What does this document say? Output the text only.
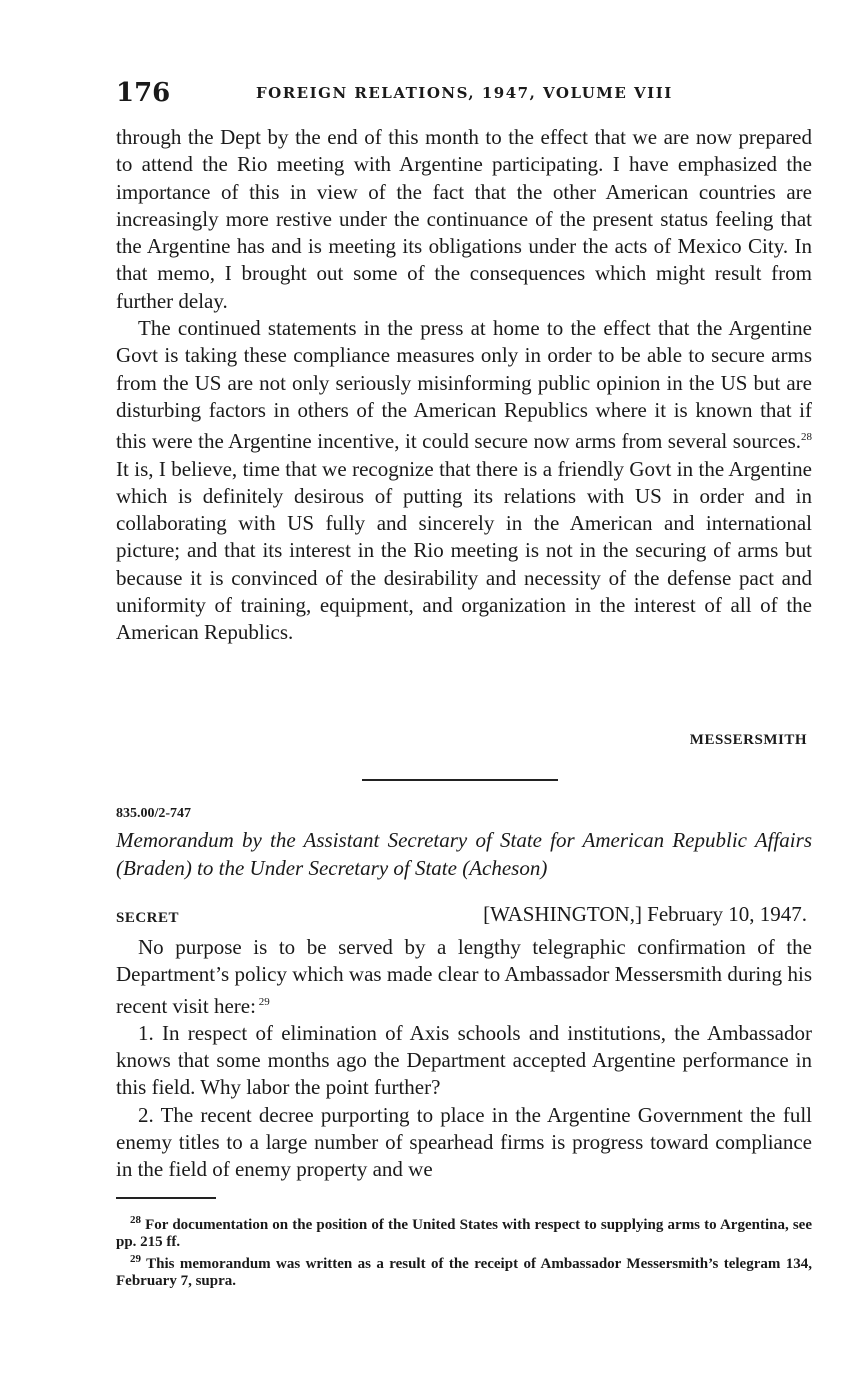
176	FOREIGN RELATIONS, 1947, VOLUME VIII

through the Dept by the end of this month to the effect that we are now prepared to attend the Rio meeting with Argentine participating. I have emphasized the importance of this in view of the fact that the other American countries are increasingly more restive under the continuance of the present status feeling that the Argentine has and is meeting its obligations under the acts of Mexico City. In that memo, I brought out some of the consequences which might result from further delay.

The continued statements in the press at home to the effect that the Argentine Govt is taking these compliance measures only in order to be able to secure arms from the US are not only seriously misinforming public opinion in the US but are disturbing factors in others of the American Republics where it is known that if this were the Argentine incentive, it could secure now arms from several sources.$^{28}$ It is, I believe, time that we recognize that there is a friendly Govt in the Argentine which is definitely desirous of putting its relations with US in order and in collaborating with US fully and sincerely in the American and international picture; and that its interest in the Rio meeting is not in the securing of arms but because it is convinced of the desirability and necessity of the defense pact and uniformity of training, equipment, and organization in the interest of all of the American Republics.

MESSERSMITH
835.00/2-747
Memorandum by the Assistant Secretary of State for American Republic Affairs (Braden) to the Under Secretary of State (Acheson)
SECRET	[WASHINGTON,] February 10, 1947.

No purpose is to be served by a lengthy telegraphic confirmation of the Department’s policy which was made clear to Ambassador Messersmith during his recent visit here: $^{29}$

1. In respect of elimination of Axis schools and institutions, the Ambassador knows that some months ago the Department accepted Argentine performance in this field. Why labor the point further?

2. The recent decree purporting to place in the Argentine Government the full enemy titles to a large number of spearhead firms is progress toward compliance in the field of enemy property and we

$^{28}$ For documentation on the position of the United States with respect to supplying arms to Argentina, see pp. 215 ff.

$^{29}$ This memorandum was written as a result of the receipt of Ambassador Messersmith’s telegram 134, February 7, supra.
